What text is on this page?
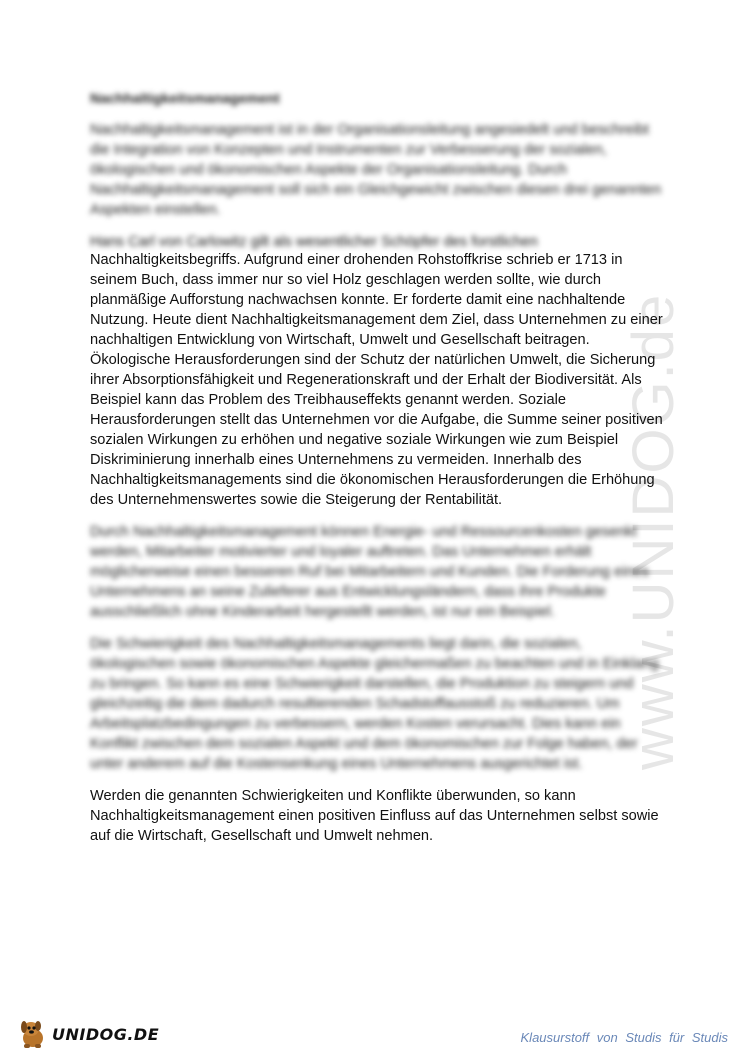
www.UNIDOG.de
Nachhaltigkeitsmanagement

Nachhaltigkeitsmanagement ist in der Organisationsleitung angesiedelt und beschreibt die Integration von Konzepten und Instrumenten zur Verbesserung der sozialen, ökologischen und ökonomischen Aspekte der Organisationsleitung. Durch Nachhaltigkeitsmanagement soll sich ein Gleichgewicht zwischen diesen drei genannten Aspekten einstellen.

Hans Carl von Carlowitz gilt als wesentlicher Schöpfer des forstlichen

Nachhaltigkeitsbegriffs. Aufgrund einer drohenden Rohstoffkrise schrieb er 1713 in seinem Buch, dass immer nur so viel Holz geschlagen werden sollte, wie durch planmäßige Aufforstung nachwachsen konnte. Er forderte damit eine nachhaltende Nutzung. Heute dient Nachhaltigkeitsmanagement dem Ziel, dass Unternehmen zu einer nachhaltigen Entwicklung von Wirtschaft, Umwelt und Gesellschaft beitragen. Ökologische Herausforderungen sind der Schutz der natürlichen Umwelt, die Sicherung ihrer Absorptionsfähigkeit und Regenerationskraft und der Erhalt der Biodiversität. Als Beispiel kann das Problem des Treibhauseffekts genannt werden. Soziale Herausforderungen stellt das Unternehmen vor die Aufgabe, die Summe seiner positiven sozialen Wirkungen zu erhöhen und negative soziale Wirkungen wie zum Beispiel Diskriminierung innerhalb eines Unternehmens zu vermeiden. Innerhalb des Nachhaltigkeitsmanagements sind die ökonomischen Herausforderungen die Erhöhung des Unternehmenswertes sowie die Steigerung der Rentabilität.

Durch Nachhaltigkeitsmanagement können Energie- und Ressourcenkosten gesenkt werden, Mitarbeiter motivierter und loyaler auftreten. Das Unternehmen erhält möglicherweise einen besseren Ruf bei Mitarbeitern und Kunden. Die Forderung eines Unternehmens an seine Zulieferer aus Entwicklungsländern, dass ihre Produkte ausschließlich ohne Kinderarbeit hergestellt werden, ist nur ein Beispiel.

Die Schwierigkeit des Nachhaltigkeitsmanagements liegt darin, die sozialen, ökologischen sowie ökonomischen Aspekte gleichermaßen zu beachten und in Einklang zu bringen. So kann es eine Schwierigkeit darstellen, die Produktion zu steigern und gleichzeitig die dem dadurch resultierenden Schadstoffausstoß zu reduzieren. Um Arbeitsplatzbedingungen zu verbessern, werden Kosten verursacht. Dies kann ein Konflikt zwischen dem sozialen Aspekt und dem ökonomischen zur Folge haben, der unter anderem auf die Kostensenkung eines Unternehmens ausgerichtet ist.

Werden die genannten Schwierigkeiten und Konflikte überwunden, so kann Nachhaltigkeitsmanagement einen positiven Einfluss auf das Unternehmen selbst sowie auf die Wirtschaft, Gesellschaft und Umwelt nehmen.

UNIDOG.DE	Klausurstoff von Studis für Studis
